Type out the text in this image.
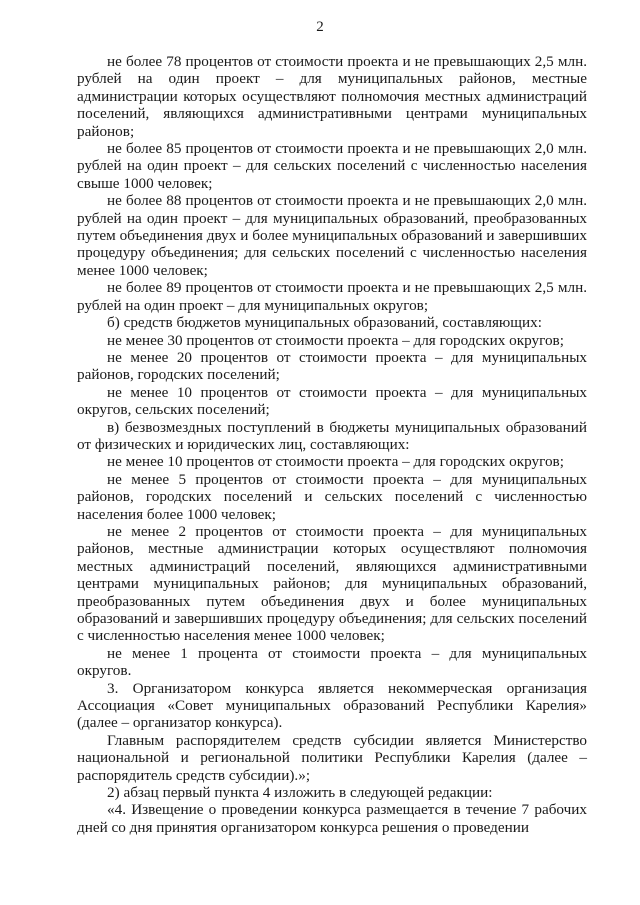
2

не более 78 процентов от стоимости проекта и не превышающих 2,5 млн. рублей на один проект – для муниципальных районов, местные администрации которых осуществляют полномочия местных администраций поселений, являющихся административными центрами муниципальных районов;

не более 85 процентов от стоимости проекта и не превышающих 2,0 млн. рублей на один проект – для сельских поселений с численностью населения свыше 1000 человек;

не более 88 процентов от стоимости проекта и не превышающих 2,0 млн. рублей на один проект – для муниципальных образований, преобразованных путем объединения двух и более муниципальных образований и завершивших процедуру объединения; для сельских поселений с численностью населения менее 1000 человек;

не более 89 процентов от стоимости проекта и не превышающих 2,5 млн. рублей на один проект – для муниципальных округов;

б) средств бюджетов муниципальных образований, составляющих:

не менее 30 процентов от стоимости проекта – для городских округов;

не менее 20 процентов от стоимости проекта – для муниципальных районов, городских поселений;

не менее 10 процентов от стоимости проекта – для муниципальных округов, сельских поселений;

в) безвозмездных поступлений в бюджеты муниципальных образований от физических и юридических лиц, составляющих:

не менее 10 процентов от стоимости проекта – для городских округов;

не менее 5 процентов от стоимости проекта – для муниципальных районов, городских поселений и сельских поселений с численностью населения более 1000 человек;

не менее 2 процентов от стоимости проекта – для муниципальных районов, местные администрации которых осуществляют полномочия местных администраций поселений, являющихся административными центрами муниципальных районов; для муниципальных образований, преобразованных путем объединения двух и более муниципальных образований и завершивших процедуру объединения; для сельских поселений с численностью населения менее 1000 человек;

не менее 1 процента от стоимости проекта – для муниципальных округов.

3. Организатором конкурса является некоммерческая организация Ассоциация «Совет муниципальных образований Республики Карелия» (далее – организатор конкурса).

Главным распорядителем средств субсидии является Министерство национальной и региональной политики Республики Карелия (далее – распорядитель средств субсидии).»;

2) абзац первый пункта 4 изложить в следующей редакции:

«4. Извещение о проведении конкурса размещается в течение 7 рабочих дней со дня принятия организатором конкурса решения о проведении
